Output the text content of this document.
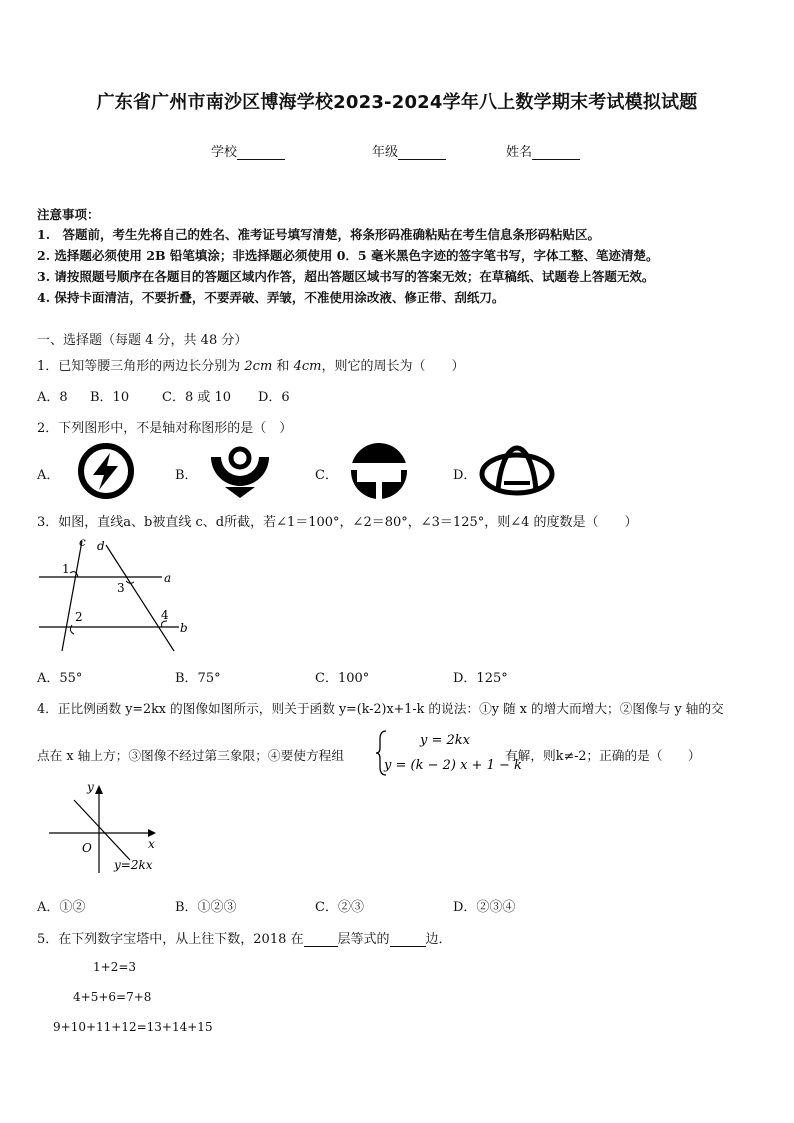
广东省广州市南沙区博海学校2023-2024学年八上数学期末考试模拟试题
学校	年级	姓名
注意事项：
1.　答题前，考生先将自己的姓名、准考证号填写清楚，将条形码准确粘贴在考生信息条形码粘贴区。
2. 选择题必须使用 2B 铅笔填涂；非选择题必须使用 0．5 毫米黑色字迹的签字笔书写，字体工整、笔迹清楚。
3. 请按照题号顺序在各题目的答题区域内作答，超出答题区域书写的答案无效；在草稿纸、试题卷上答题无效。
4. 保持卡面清洁，不要折叠，不要弄破、弄皱，不准使用涂改液、修正带、刮纸刀。
一、选择题（每题 4 分，共 48 分）
1．已知等腰三角形的两边长分别为 2cm 和 4cm，则它的周长为（　　）
A．8 B．10	C．8 或 10 D．6
2．下列图形中，不是轴对称图形的是（　）
A．	B．	C．	D．
3．如图，直线a、b被直线 c、d所截，若∠1＝100°，∠2＝80°，∠3＝125°，则∠4 的度数是（　　）
c d
1
a
3
2	4
b
A．55°	B．75°	C．100°	D．125°
4．正比例函数 y=2kx 的图像如图所示，则关于函数 y=(k-2)x+1-k 的说法：①y 随 x 的增大而增大；②图像与 y 轴的交
点在 x 轴上方；③图像不经过第三象限；④要使方程组
y = 2kx
y = (k − 2) x + 1 − k
有解，则k≠-2；正确的是（　　）
y
O	x
y=2kx
A．①②	B．①②③	C．②③	D．②③④
5．在下列数字宝塔中，从上往下数，2018 在	层等式的	边．
1+2=3
4+5+6=7+8
9+10+11+12=13+14+15
